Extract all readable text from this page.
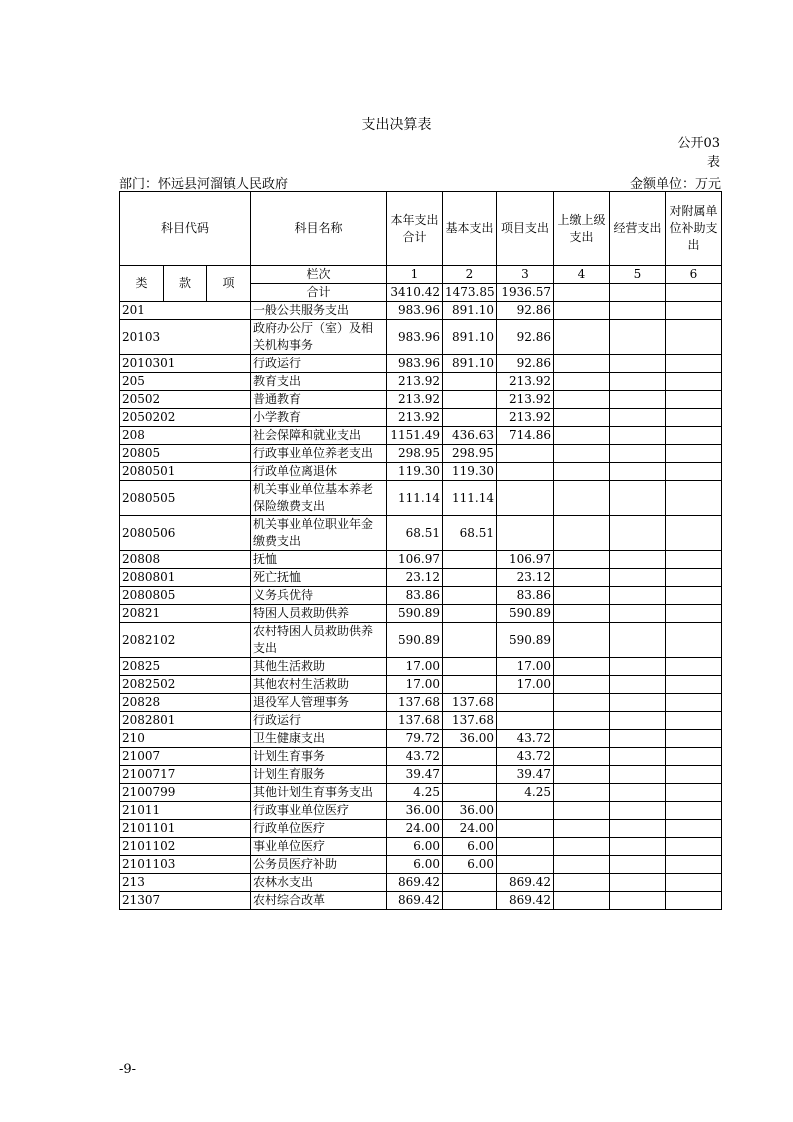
支出决算表
公开03
表
部门：怀远县河溜镇人民政府	金额单位：万元
科目代码			科目名称	本年支出合计	基本支出	项目支出	上缴上级支出	经营支出	对附属单位补助支出
类	款	项	栏次	1	2	3	4	5	6
			合计	3410.42	1473.85	1936.57			
201			一般公共服务支出	983.96	891.10	92.86			
20103			政府办公厅（室）及相关机构事务	983.96	891.10	92.86			
2010301			行政运行	983.96	891.10	92.86			
205			教育支出	213.92		213.92			
20502			普通教育	213.92		213.92			
2050202			小学教育	213.92		213.92			
208			社会保障和就业支出	1151.49	436.63	714.86			
20805			行政事业单位养老支出	298.95	298.95				
2080501			行政单位离退休	119.30	119.30				
2080505			机关事业单位基本养老保险缴费支出	111.14	111.14				
2080506			机关事业单位职业年金缴费支出	68.51	68.51				
20808			抚恤	106.97		106.97			
2080801			死亡抚恤	23.12		23.12			
2080805			义务兵优待	83.86		83.86			
20821			特困人员救助供养	590.89		590.89			
2082102			农村特困人员救助供养支出	590.89		590.89			
20825			其他生活救助	17.00		17.00			
2082502			其他农村生活救助	17.00		17.00			
20828			退役军人管理事务	137.68	137.68				
2082801			行政运行	137.68	137.68				
210			卫生健康支出	79.72	36.00	43.72			
21007			计划生育事务	43.72		43.72			
2100717			计划生育服务	39.47		39.47			
2100799			其他计划生育事务支出	4.25		4.25			
21011			行政事业单位医疗	36.00	36.00				
2101101			行政单位医疗	24.00	24.00				
2101102			事业单位医疗	6.00	6.00				
2101103			公务员医疗补助	6.00	6.00				
213			农林水支出	869.42		869.42			
21307			农村综合改革	869.42		869.42			
-9-
